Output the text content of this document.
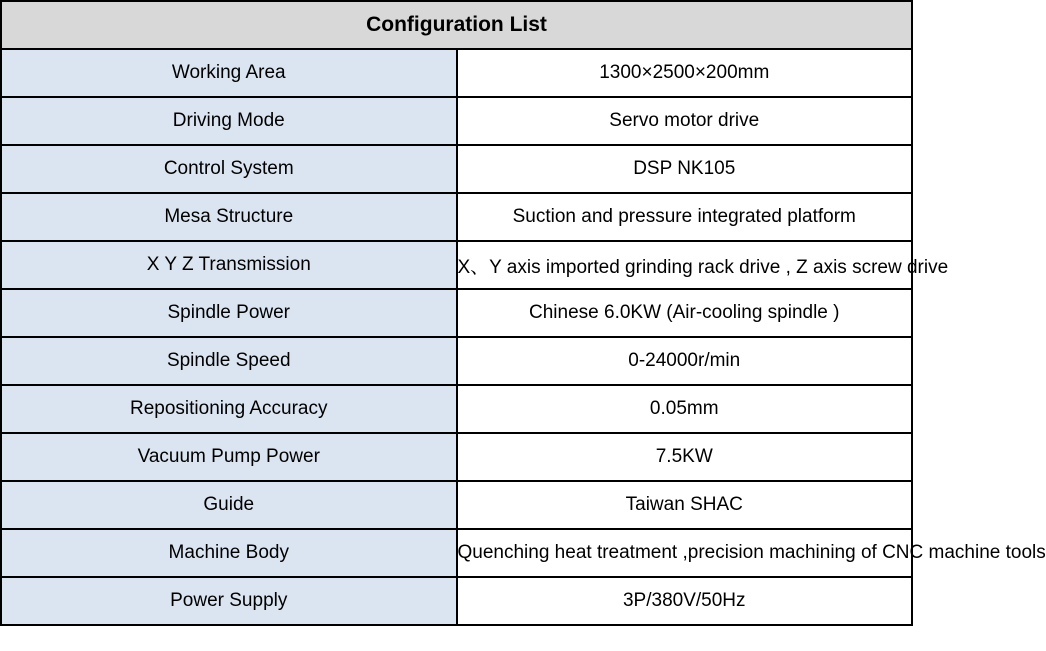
Configuration List	
Working Area	1300×2500×200mm
Driving Mode	Servo motor drive
Control System	DSP NK105
Mesa Structure	Suction and pressure integrated platform
X Y Z Transmission	X、Y axis imported grinding rack drive , Z axis screw drive
Spindle Power	Chinese 6.0KW (Air-cooling spindle )
Spindle Speed	0-24000r/min
Repositioning Accuracy	0.05mm
Vacuum Pump Power	7.5KW
Guide	Taiwan SHAC
Machine Body	Quenching heat treatment ,precision machining of CNC machine tools
Power Supply	3P/380V/50Hz
